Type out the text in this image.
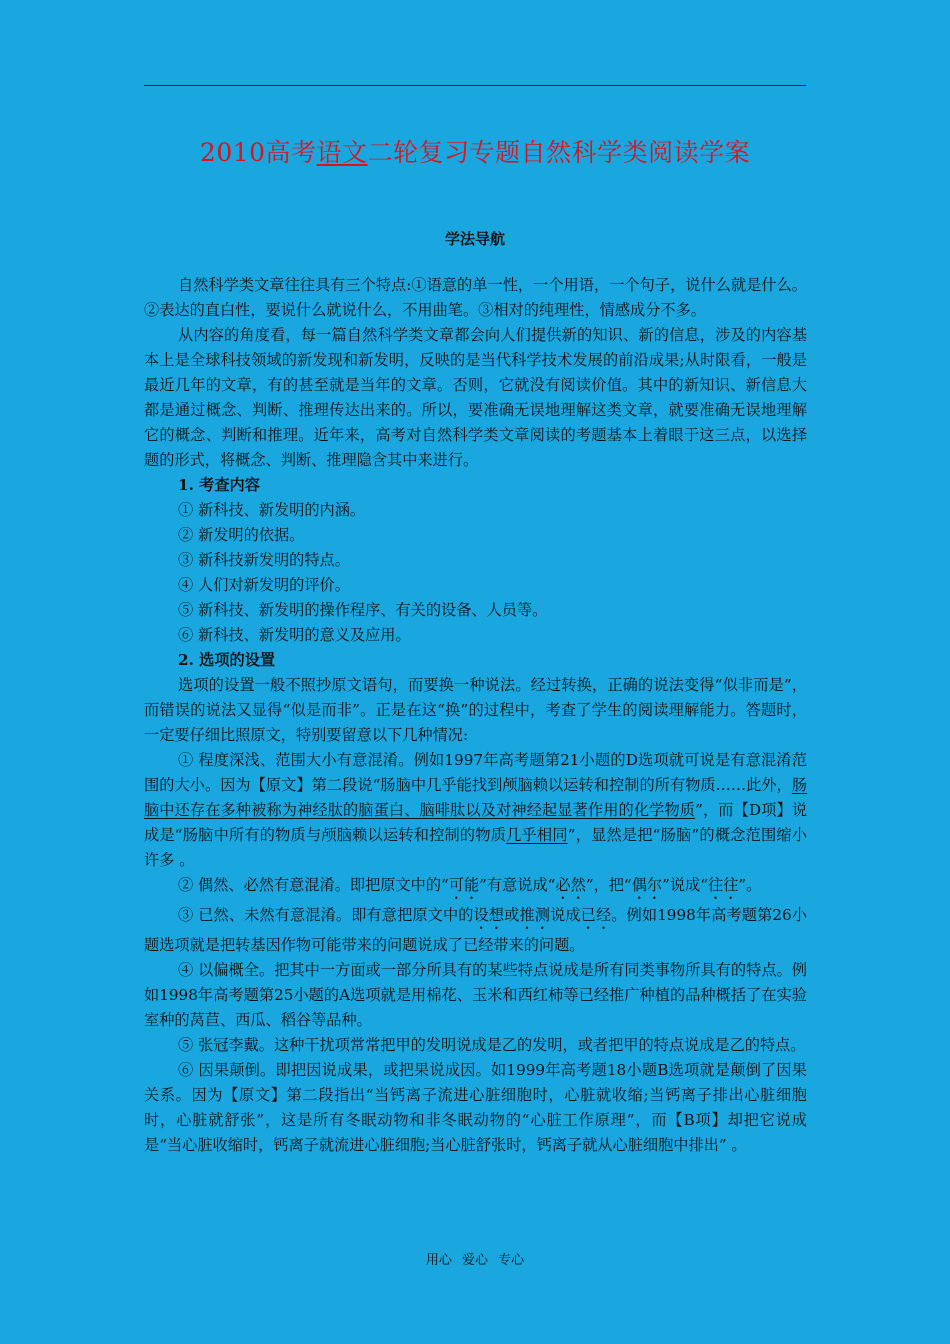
2010高考语文二轮复习专题自然科学类阅读学案
学法导航

自然科学类文章往往具有三个特点:①语意的单一性，一个用语，一个句子，说什么就是什么。②表达的直白性，要说什么就说什么，不用曲笔。③相对的纯理性，情感成分不多。

从内容的角度看，每一篇自然科学类文章都会向人们提供新的知识、新的信息，涉及的内容基本上是全球科技领域的新发现和新发明，反映的是当代科学技术发展的前沿成果;从时限看，一般是最近几年的文章，有的甚至就是当年的文章。否则，它就没有阅读价值。其中的新知识、新信息大都是通过概念、判断、推理传达出来的。所以，要准确无误地理解这类文章，就要准确无误地理解它的概念、判断和推理。近年来，高考对自然科学类文章阅读的考题基本上着眼于这三点，以选择题的形式，将概念、判断、推理隐含其中来进行。

1. 考查内容

① 新科技、新发明的内涵。

② 新发明的依据。

③ 新科技新发明的特点。

④ 人们对新发明的评价。

⑤ 新科技、新发明的操作程序、有关的设备、人员等。

⑥ 新科技、新发明的意义及应用。

2. 选项的设置

选项的设置一般不照抄原文语句，而要换一种说法。经过转换，正确的说法变得“似非而是”，而错误的说法又显得“似是而非”。正是在这“换”的过程中，考查了学生的阅读理解能力。答题时，一定要仔细比照原文，特别要留意以下几种情况:

① 程度深浅、范围大小有意混淆。例如1997年高考题第21小题的D选项就可说是有意混淆范围的大小。因为【原文】第二段说“肠脑中几乎能找到颅脑赖以运转和控制的所有物质……此外，肠脑中还存在多种被称为神经肽的脑蛋白、脑啡肽以及对神经起显著作用的化学物质”，而【D项】说成是“肠脑中所有的物质与颅脑赖以运转和控制的物质几乎相同”，显然是把“肠脑”的概念范围缩小许多 。

② 偶然、必然有意混淆。即把原文中的“可能”有意说成“必然”，把“偶尔”说成“往往”。

③ 已然、未然有意混淆。即有意把原文中的设想或推测说成已经。例如1998年高考题第26小题选项就是把转基因作物可能带来的问题说成了已经带来的问题。

④ 以偏概全。把其中一方面或一部分所具有的某些特点说成是所有同类事物所具有的特点。例如1998年高考题第25小题的A选项就是用棉花、玉米和西红柿等已经推广种植的品种概括了在实验室种的莴苣、西瓜、稻谷等品种。

⑤ 张冠李戴。这种干扰项常常把甲的发明说成是乙的发明，或者把甲的特点说成是乙的特点。

⑥ 因果颠倒。即把因说成果，或把果说成因。如1999年高考题18小题B选项就是颠倒了因果关系。因为【原文】第二段指出“当钙离子流进心脏细胞时，心脏就收缩;当钙离子排出心脏细胞时，心脏就舒张”，这是所有冬眠动物和非冬眠动物的“心脏工作原理”，而【B项】却把它说成是“当心脏收缩时，钙离子就流进心脏细胞;当心脏舒张时，钙离子就从心脏细胞中排出” 。

用心 爱心 专心
